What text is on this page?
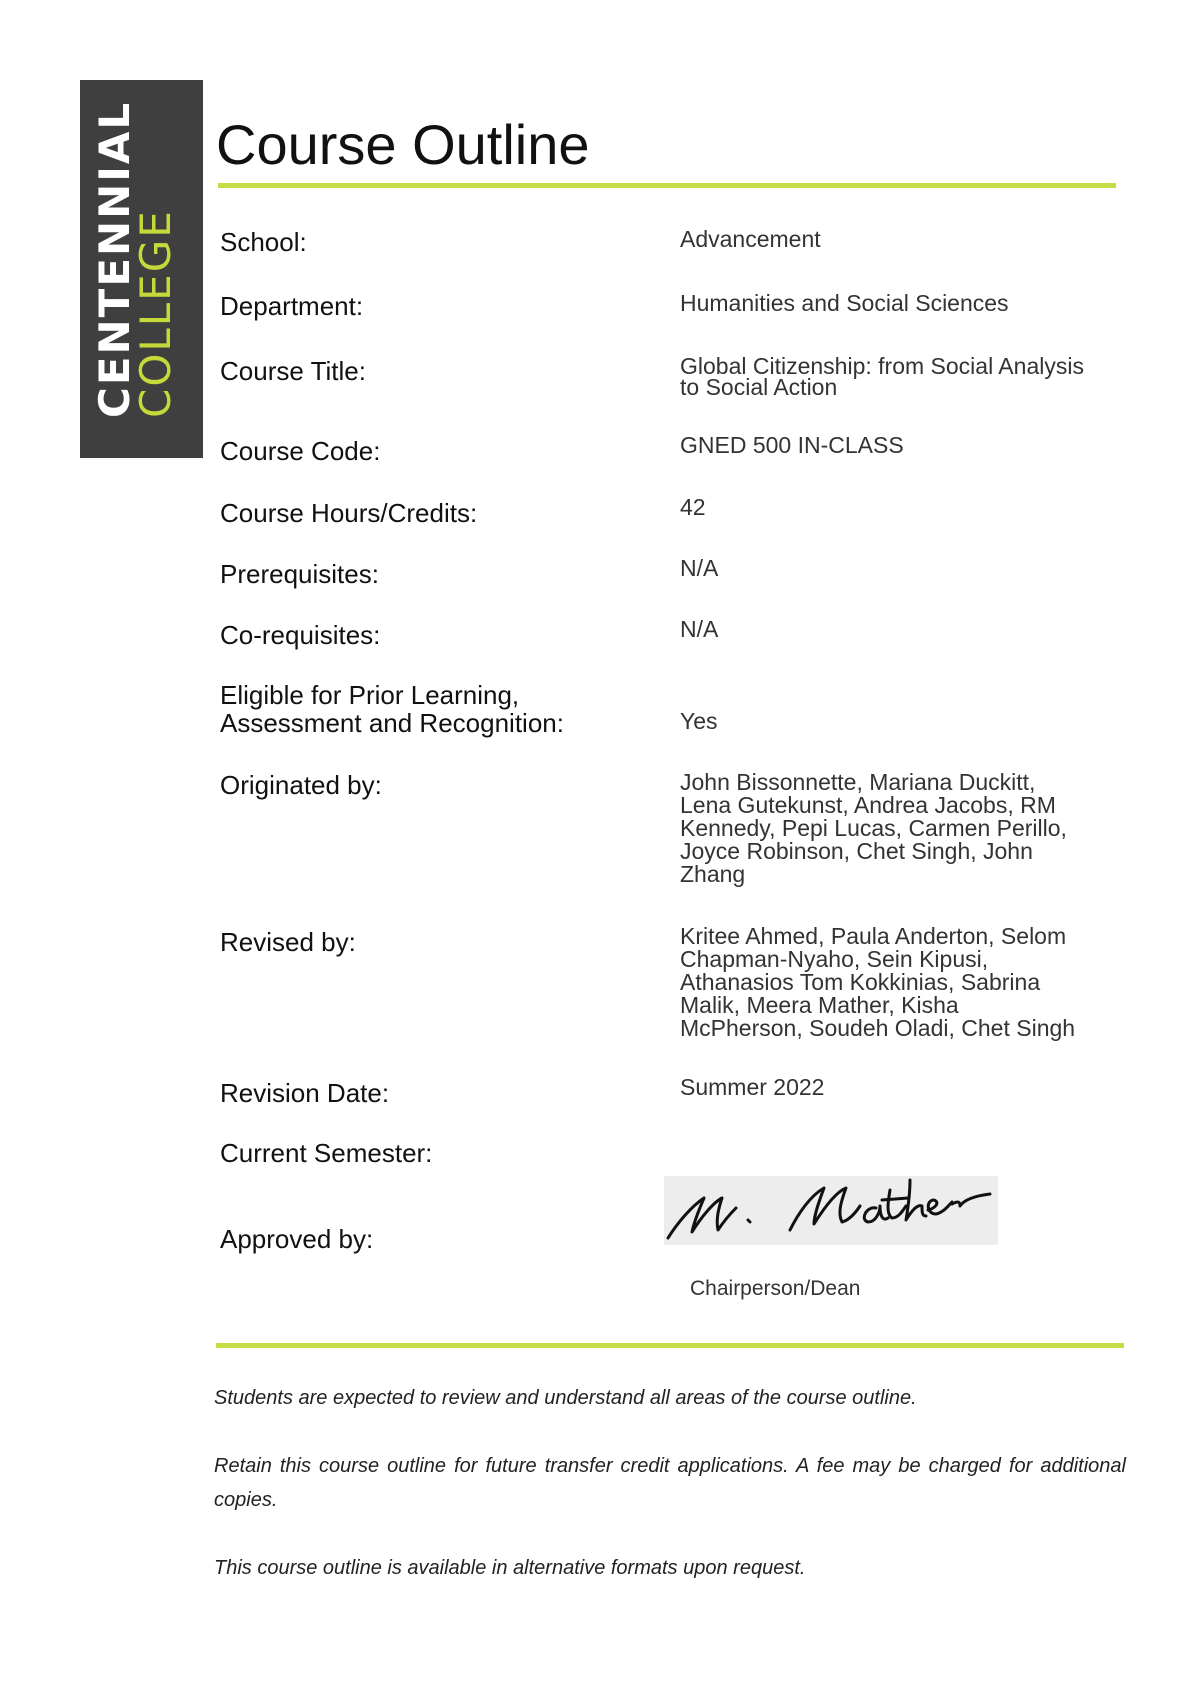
CENTENNIAL
COLLEGE
Course Outline
School:	Advancement
Department:	Humanities and Social Sciences
Course Title:	Global Citizenship: from Social Analysis
to Social Action
Course Code:	GNED 500 IN-CLASS
Course Hours/Credits:	42
Prerequisites:	N/A
Co-requisites:	N/A
Eligible for Prior Learning,
Assessment and Recognition:	Yes
Originated by:	John Bissonnette, Mariana Duckitt,
Lena Gutekunst, Andrea Jacobs, RM
Kennedy, Pepi Lucas, Carmen Perillo,
Joyce Robinson, Chet Singh, John
Zhang
Revised by:	Kritee Ahmed, Paula Anderton, Selom
Chapman-Nyaho, Sein Kipusi,
Athanasios Tom Kokkinias, Sabrina
Malik, Meera Mather, Kisha
McPherson, Soudeh Oladi, Chet Singh
Revision Date:	Summer 2022
Current Semester:
Approved by:
Chairperson/Dean
Students are expected to review and understand all areas of the course outline.
Retain this course outline for future transfer credit applications. A fee may be charged for additional copies.
This course outline is available in alternative formats upon request.
